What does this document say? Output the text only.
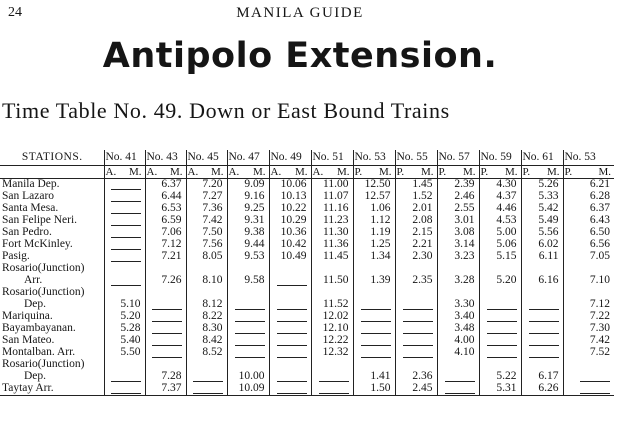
24	MANILA GUIDE
Antipolo Extension.
Time Table No. 49. Down or East Bound Trains
STATIONS.	No. 41	No. 43	No. 45	No. 47	No. 49	No. 51	No. 53	No. 55	No. 57	No. 59	No. 61	No. 53

	A. M.	A. M.	A. M.	A. M.	A. M.	A. M.	P. M.	P. M.	P. M.	P. M.	P. M.	P. M.

Manila Dep.		6.37	7.20	9.09	10.06	11.00	12.50	1.45	2.39	4.30	5.26	6.21
San Lazaro		6.44	7.27	9.16	10.13	11.07	12.57	1.52	2.46	4.37	5.33	6.28
Santa Mesa.		6.53	7.36	9.25	10.22	11.16	1.06	2.01	2.55	4.46	5.42	6.37
San Felipe Neri.		6.59	7.42	9.31	10.29	11.23	1.12	2.08	3.01	4.53	5.49	6.43
San Pedro.		7.06	7.50	9.38	10.36	11.30	1.19	2.15	3.08	5.00	5.56	6.50
Fort McKinley.		7.12	7.56	9.44	10.42	11.36	1.25	2.21	3.14	5.06	6.02	6.56
Pasig.		7.21	8.05	9.53	10.49	11.45	1.34	2.30	3.23	5.15	6.11	7.05
Rosario(Junction)												
Arr.		7.26	8.10	9.58		11.50	1.39	2.35	3.28	5.20	6.16	7.10
Rosario(Junction)												
Dep.	5.10		8.12			11.52			3.30			7.12
Mariquina.	5.20		8.22			12.02			3.40			7.22
Bayambayanan.	5.28		8.30			12.10			3.48			7.30
San Mateo.	5.40		8.42			12.22			4.00			7.42
Montalban. Arr.	5.50		8.52			12.32			4.10			7.52
Rosario(Junction)												
Dep.		7.28		10.00			1.41	2.36		5.22	6.17	
Taytay Arr.		7.37		10.09			1.50	2.45		5.31	6.26	
